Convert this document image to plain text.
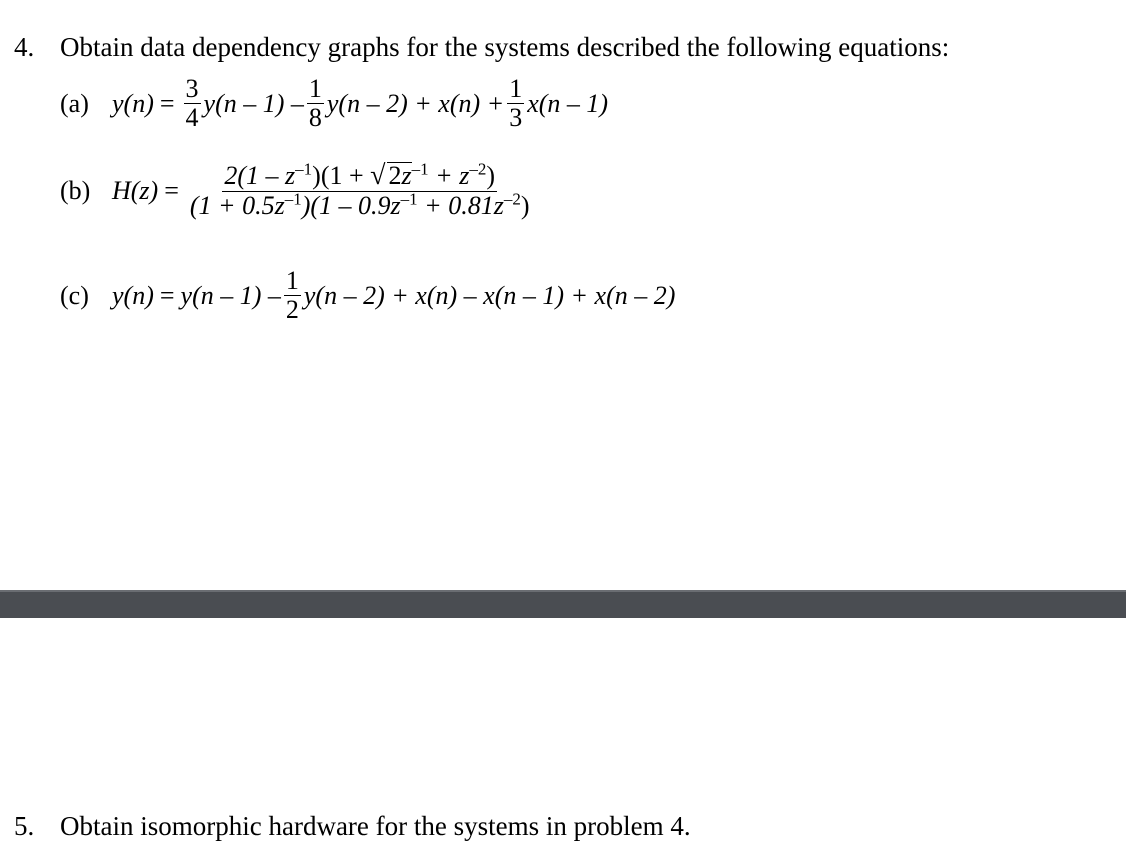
4. Obtain data dependency graphs for the systems described the following equations:
(a) $y(n) = \frac{3}{4} y(n - 1) - \frac{1}{8} y(n - 2) + x(n) + \frac{1}{3} x(n - 1)$
(b) $H(z) = \frac{2(1 - z^{-1})(1 + √ 2z^{-1} + z^{-2})}{(1 + 0.5z^{-1})(1 - 0.9z^{-1} + 0.81z^{-2})}$
(c) $y(n) = y(n - 1) - \frac{1}{2} y(n - 2) + x(n) - x(n - 1) + x(n - 2)$
5. Obtain isomorphic hardware for the systems in problem 4.
